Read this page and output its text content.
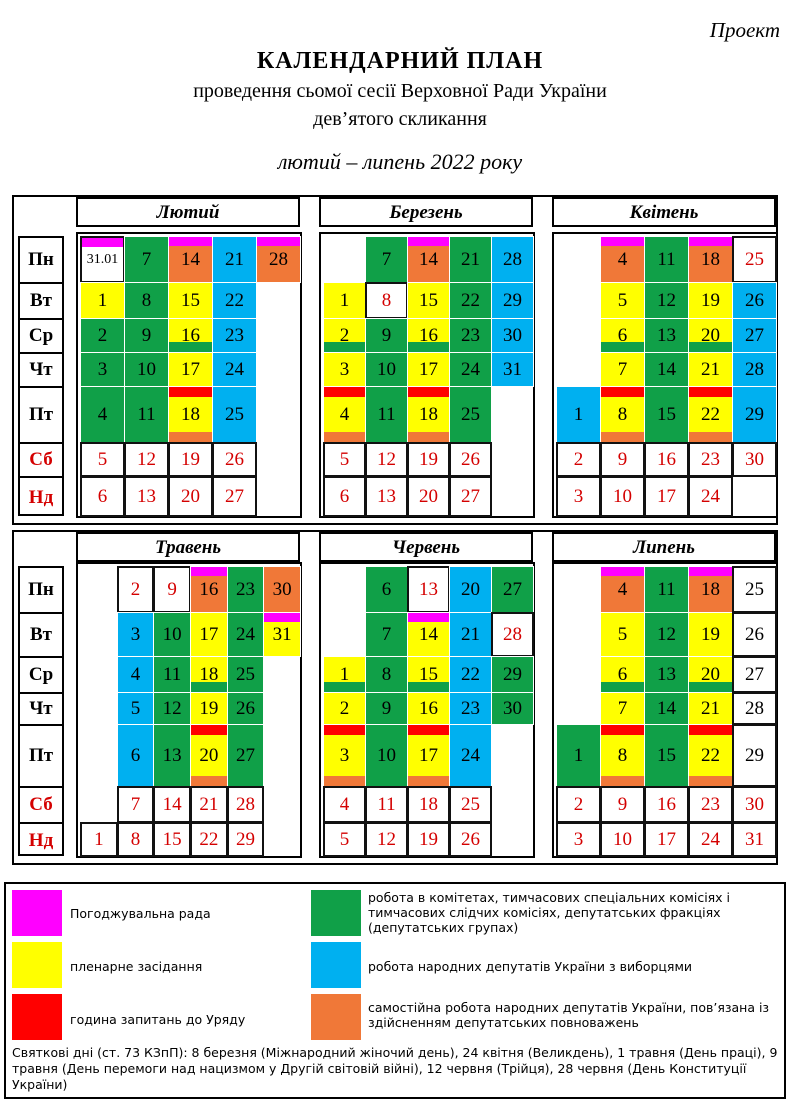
Проект
КАЛЕНДАРНИЙ ПЛАН
проведення сьомої сесії Верховної Ради України
дев’ятого скликання
лютий – липень 2022 року
Лютий
Пн
Вт
Ср
Чт
Пт
Сб
Нд
31.01 7 14 21 28
1 8 15 22
2 9 16 23
3 10 17 24
4 11 18 25
5 12 19 26
6 13 20 27
Березень
7 14 21 28
1 8 15 22 29
2 9 16 23 30
3 10 17 24 31
4 11 18 25
5 12 19 26
6 13 20 27
Квітень
4 11 18 25
5 12 19 26
6 13 20 27
7 14 21 28
1 8 15 22 29
2 9 16 23 30
3 10 17 24
Травень
Пн
Вт
Ср
Чт
Пт
Сб
Нд
2 9 16 23 30
3 10 17 24 31
4 11 18 25
5 12 19 26
6 13 20 27
7 14 21 28
1 8 15 22 29
Червень
6 13 20 27
7 14 21 28
1 8 15 22 29
2 9 16 23 30
3 10 17 24
4 11 18 25
5 12 19 26
Липень
4 11 18 25
5 12 19 26
6 13 20 27
7 14 21 28
1 8 15 22 29
2 9 16 23 30
3 10 17 24 31
Погоджувальна рада
робота в комітетах, тимчасових спеціальних комісіях і тимчасових слідчих комісіях, депутатських фракціях (депутатських групах)
пленарне засідання	робота народних депутатів України з виборцями
година запитань до Уряду
самостійна робота народних депутатів України, пов’язана із здійсненням депутатських повноважень
Святкові дні (ст. 73 КЗпП): 8 березня (Міжнародний жіночий день), 24 квітня (Великдень), 1 травня (День праці), 9 травня (День перемоги над нацизмом у Другій світовій війні), 12 червня (Трійця), 28 червня (День Конституції України)
